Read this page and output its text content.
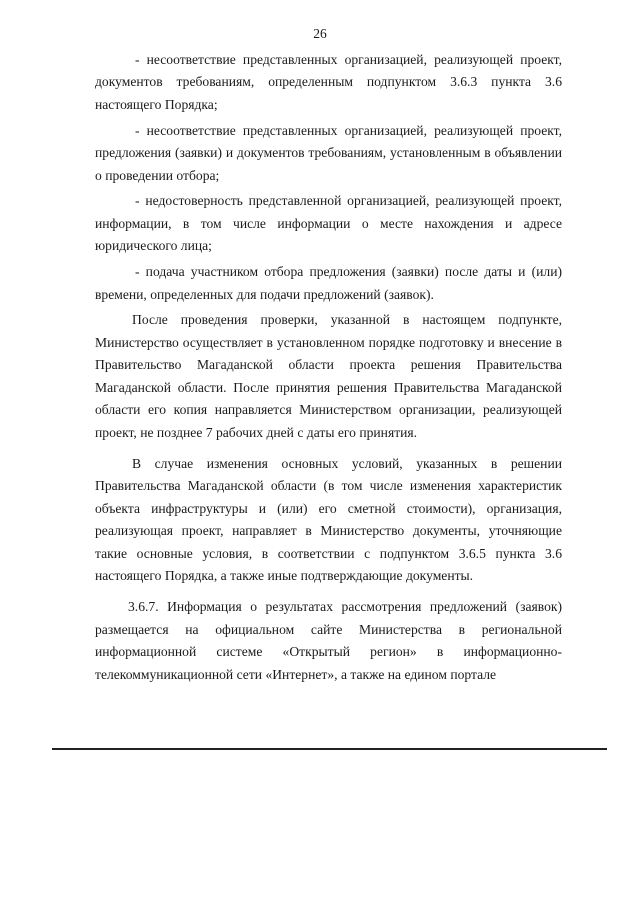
26

- несоответствие представленных организацией, реализующей проект, документов требованиям, определенным подпунктом 3.6.3 пункта 3.6 настоящего Порядка;

- несоответствие представленных организацией, реализующей проект, предложения (заявки) и документов требованиям, установленным в объявлении о проведении отбора;

- недостоверность представленной организацией, реализующей проект, информации, в том числе информации о месте нахождения и адресе юридического лица;

- подача участником отбора предложения (заявки) после даты и (или) времени, определенных для подачи предложений (заявок).

После проведения проверки, указанной в настоящем подпункте, Министерство осуществляет в установленном порядке подготовку и внесение в Правительство Магаданской области проекта решения Правительства Магаданской области. После принятия решения Правительства Магаданской области его копия направляется Министерством организации, реализующей проект, не позднее 7 рабочих дней с даты его принятия.

В случае изменения основных условий, указанных в решении Правительства Магаданской области (в том числе изменения характеристик объекта инфраструктуры и (или) его сметной стоимости), организация, реализующая проект, направляет в Министерство документы, уточняющие такие основные условия, в соответствии с подпунктом 3.6.5 пункта 3.6 настоящего Порядка, а также иные подтверждающие документы.

3.6.7. Информация о результатах рассмотрения предложений (заявок) размещается на официальном сайте Министерства в региональной информационной системе «Открытый регион» в информационно-телекоммуникационной сети «Интернет», а также на едином портале
